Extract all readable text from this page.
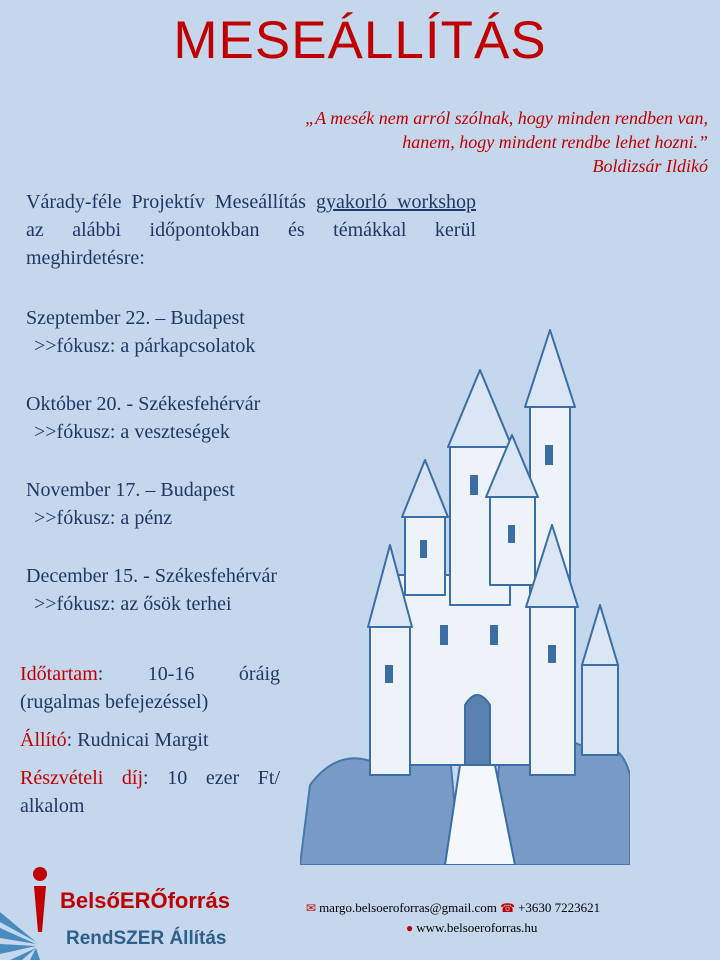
MESEÁLLÍTÁS
„A mesék nem arról szólnak, hogy minden rendben van,
hanem, hogy mindent rendbe lehet hozni.”
Boldizsár Ildikó
Várady-féle Projektív Meseállítás gyakorló workshop az alábbi időpontokban és témákkal kerül meghirdetésre:
Szeptember 22. – Budapest
>>fókusz: a párkapcsolatok
Október 20. - Székesfehérvár
>>fókusz: a veszteségek
November 17. – Budapest
>>fókusz: a pénz
December 15. - Székesfehérvár
>>fókusz: az ősök terhei
Időtartam: 10-16 óráig (rugalmas befejezéssel)
Állító: Rudnicai Margit
Részvételi díj: 10 ezer Ft/ alkalom
BelsőERŐforrás
RendSZER Állítás
✉ margo.belsoeroforras@gmail.com ☎ +3630 7223621
● www.belsoeroforras.hu
